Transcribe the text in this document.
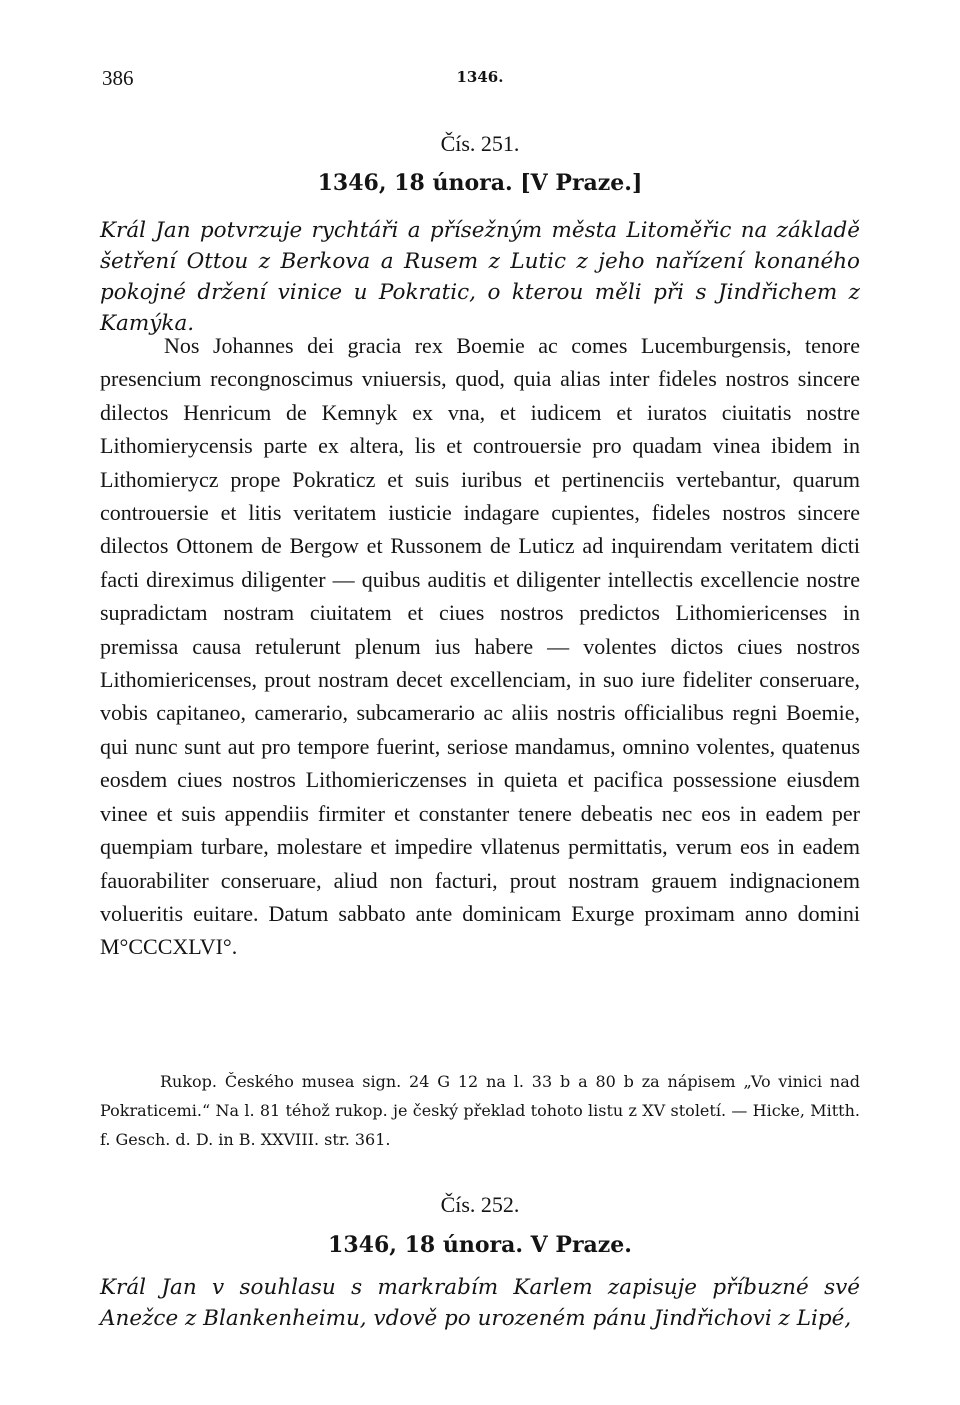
386	1346.
Čís. 251.
1346, 18 února. [V Praze.]
Král Jan potvrzuje rychtáři a přísežným města Litoměřic na základě šetření Ottou z Berkova a Rusem z Lutic z jeho nařízení konaného pokojné držení vinice u Pokratic, o kterou měli při s Jindřichem z Kamýka.
Nos Johannes dei gracia rex Boemie ac comes Lucemburgensis, tenore presencium recongnoscimus vniuersis, quod, quia alias inter fideles nostros sincere dilectos Henricum de Kemnyk ex vna, et iudicem et iuratos ciuitatis nostre Lithomierycensis parte ex altera, lis et controuersie pro quadam vinea ibidem in Lithomierycz prope Pokraticz et suis iuribus et pertinenciis vertebantur, quarum controuersie et litis veritatem iusticie indagare cupientes, fideles nostros sincere dilectos Ottonem de Bergow et Russonem de Luticz ad inquirendam veritatem dicti facti direximus diligenter — quibus auditis et diligenter intellectis excellencie nostre supradictam nostram ciuitatem et ciues nostros predictos Lithomiericenses in premissa causa retulerunt plenum ius habere — volentes dictos ciues nostros Lithomiericenses, prout nostram decet excellenciam, in suo iure fideliter conseruare, vobis capitaneo, camerario, subcamerario ac aliis nostris officialibus regni Boemie, qui nunc sunt aut pro tempore fuerint, seriose mandamus, omnino volentes, quatenus eosdem ciues nostros Lithomiericzenses in quieta et pacifica possessione eiusdem vinee et suis appendiis firmiter et constanter tenere debeatis nec eos in eadem per quempiam turbare, molestare et impedire vllatenus permittatis, verum eos in eadem fauorabiliter conseruare, aliud non facturi, prout nostram grauem indignacionem volueritis euitare. Datum sabbato ante dominicam Exurge proximam anno domini M°CCCXLVI°.
Rukop. Českého musea sign. 24 G 12 na l. 33 b a 80 b za nápisem „Vo vinici nad Pokraticemi.“ Na l. 81 téhož rukop. je český překlad tohoto listu z XV století. — Hicke, Mitth. f. Gesch. d. D. in B. XXVIII. str. 361.
Čís. 252.
1346, 18 února. V Praze.
Král Jan v souhlasu s markrabím Karlem zapisuje příbuzné své Anežce z Blankenheimu, vdově po urozeném pánu Jindřichovi z Lipé,
